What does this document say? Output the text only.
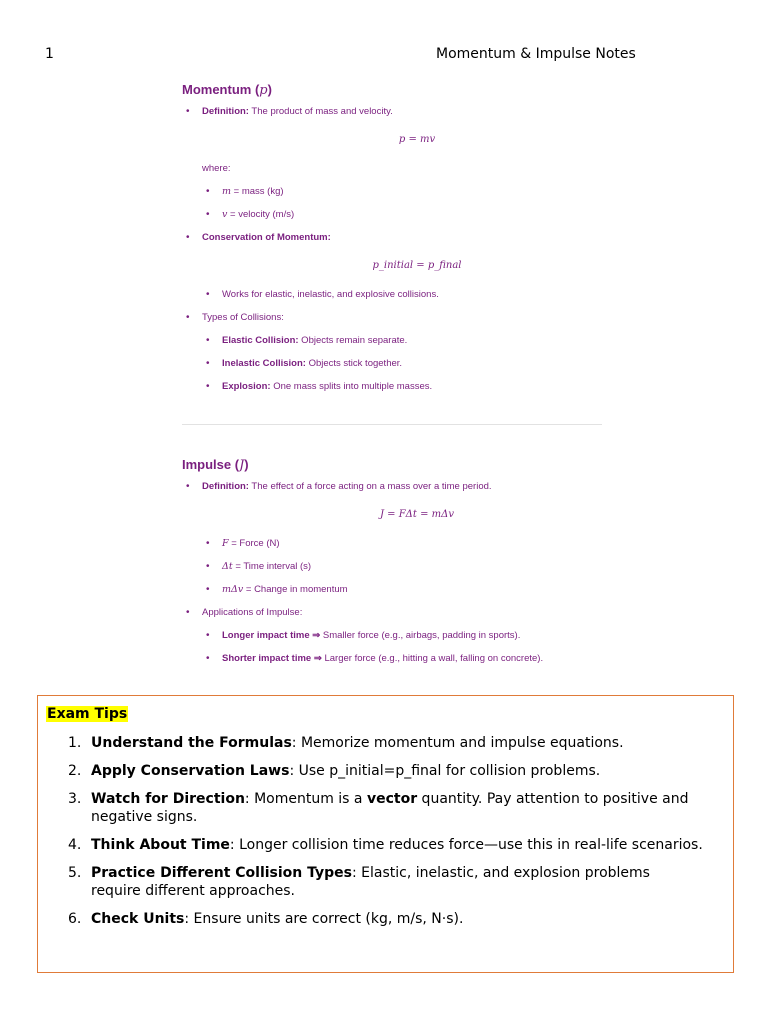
1	Momentum & Impulse Notes
Momentum (p)
• Definition: The product of mass and velocity.
p = mv
where:
• m = mass (kg)
• v = velocity (m/s)
• Conservation of Momentum:
p_initial = p_final
• Works for elastic, inelastic, and explosive collisions.
• Types of Collisions:
• Elastic Collision: Objects remain separate.
• Inelastic Collision: Objects stick together.
• Explosion: One mass splits into multiple masses.
Impulse (J)
• Definition: The effect of a force acting on a mass over a time period.
J = FΔt = mΔv
• F = Force (N)
• Δt = Time interval (s)
• mΔv = Change in momentum
• Applications of Impulse:
• Longer impact time ⇒ Smaller force (e.g., airbags, padding in sports).
• Shorter impact time ⇒ Larger force (e.g., hitting a wall, falling on concrete).
Exam Tips
1. Understand the Formulas: Memorize momentum and impulse equations.
2. Apply Conservation Laws: Use p_initial=p_final for collision problems.
3. Watch for Direction: Momentum is a vector quantity. Pay attention to positive and negative signs.
4. Think About Time: Longer collision time reduces force—use this in real-life scenarios.
5. Practice Different Collision Types: Elastic, inelastic, and explosion problems require different approaches.
6. Check Units: Ensure units are correct (kg, m/s, N·s).
